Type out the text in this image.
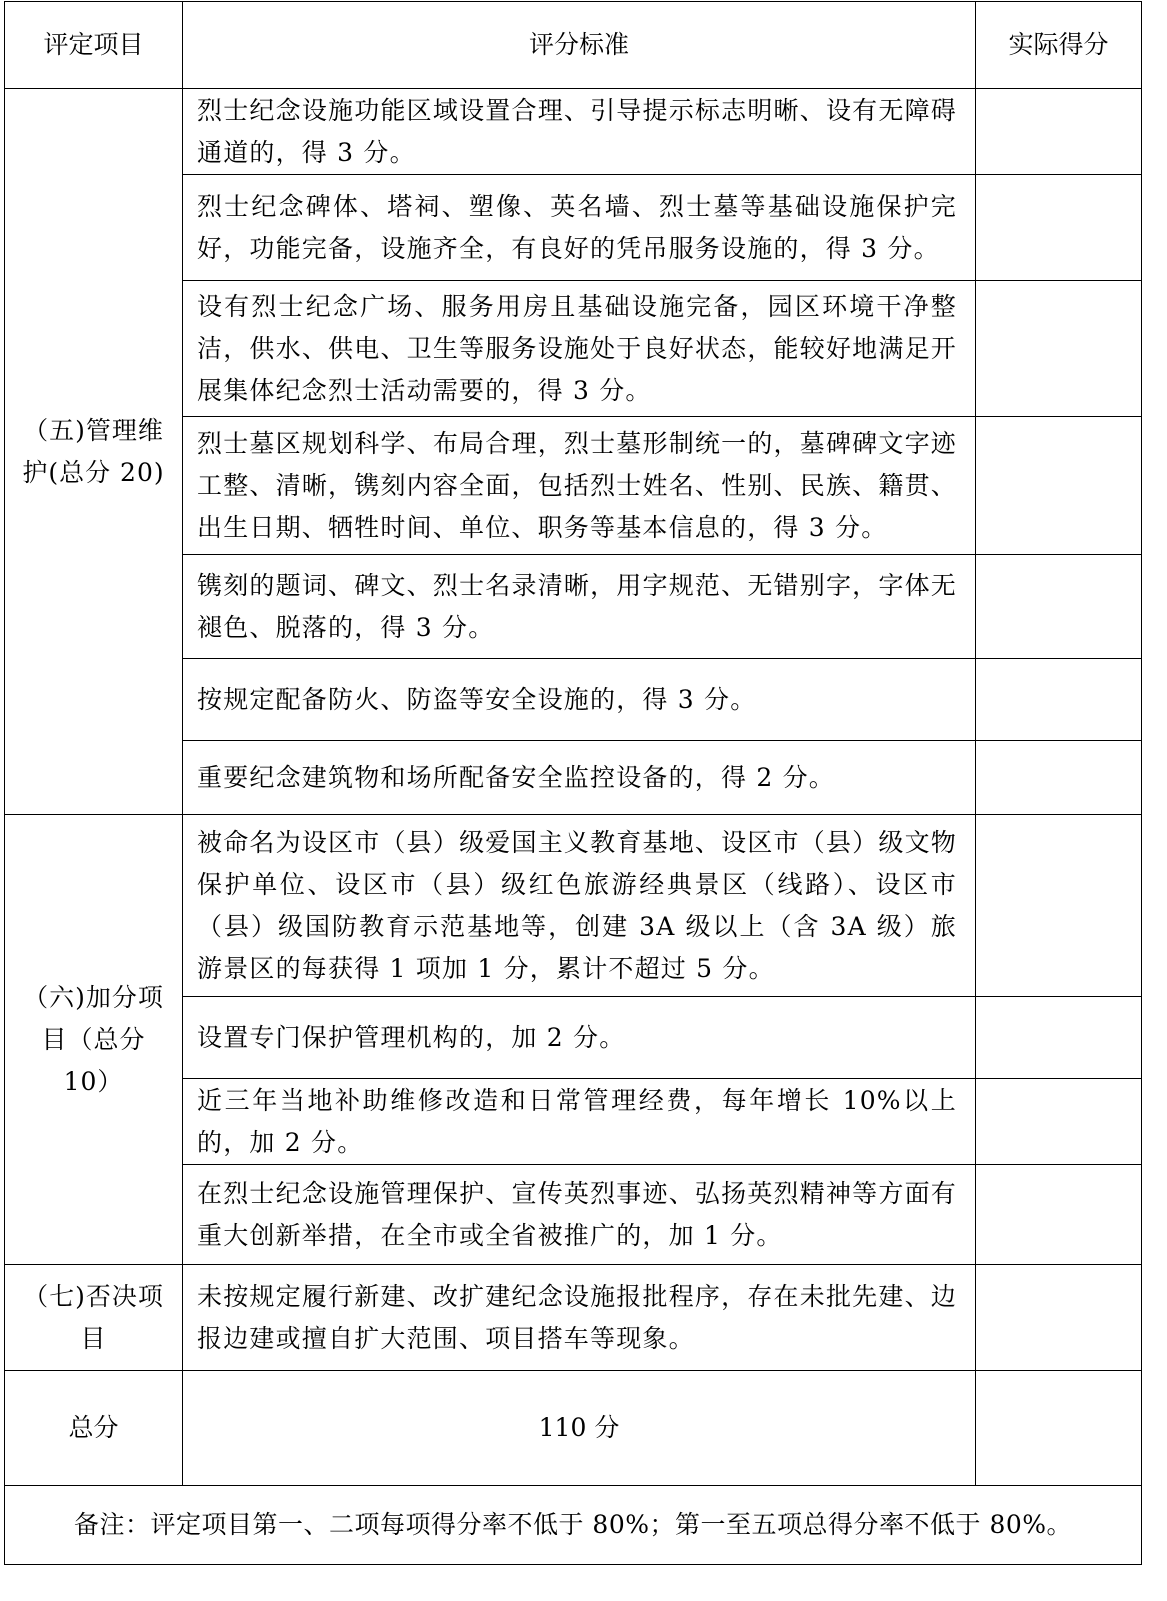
评定项目	评分标准	实际得分
（五)管理维护(总分 20)	烈士纪念设施功能区域设置合理、引导提示标志明晰、设有无障碍通道的，得 3 分。	
	烈士纪念碑体、塔祠、塑像、英名墙、烈士墓等基础设施保护完好，功能完备，设施齐全，有良好的凭吊服务设施的，得 3 分。	
	设有烈士纪念广场、服务用房且基础设施完备，园区环境干净整洁，供水、供电、卫生等服务设施处于良好状态，能较好地满足开展集体纪念烈士活动需要的，得 3 分。	
	烈士墓区规划科学、布局合理，烈士墓形制统一的，墓碑碑文字迹工整、清晰，镌刻内容全面，包括烈士姓名、性别、民族、籍贯、出生日期、牺牲时间、单位、职务等基本信息的，得 3 分。	
	镌刻的题词、碑文、烈士名录清晰，用字规范、无错别字，字体无褪色、脱落的，得 3 分。	
	按规定配备防火、防盗等安全设施的，得 3 分。	
	重要纪念建筑物和场所配备安全监控设备的，得 2 分。	
（六)加分项目（总分 10）	被命名为设区市（县）级爱国主义教育基地、设区市（县）级文物保护单位、设区市（县）级红色旅游经典景区（线路）、设区市（县）级国防教育示范基地等，创建 3A 级以上（含 3A 级）旅游景区的每获得 1 项加 1 分，累计不超过 5 分。	
	设置专门保护管理机构的，加 2 分。	
	近三年当地补助维修改造和日常管理经费，每年增长 10%以上的，加 2 分。	
	在烈士纪念设施管理保护、宣传英烈事迹、弘扬英烈精神等方面有重大创新举措，在全市或全省被推广的，加 1 分。	
（七)否决项目	未按规定履行新建、改扩建纪念设施报批程序，存在未批先建、边报边建或擅自扩大范围、项目搭车等现象。	
总分	110 分	
备注：评定项目第一、二项每项得分率不低于 80%；第一至五项总得分率不低于 80%。		
